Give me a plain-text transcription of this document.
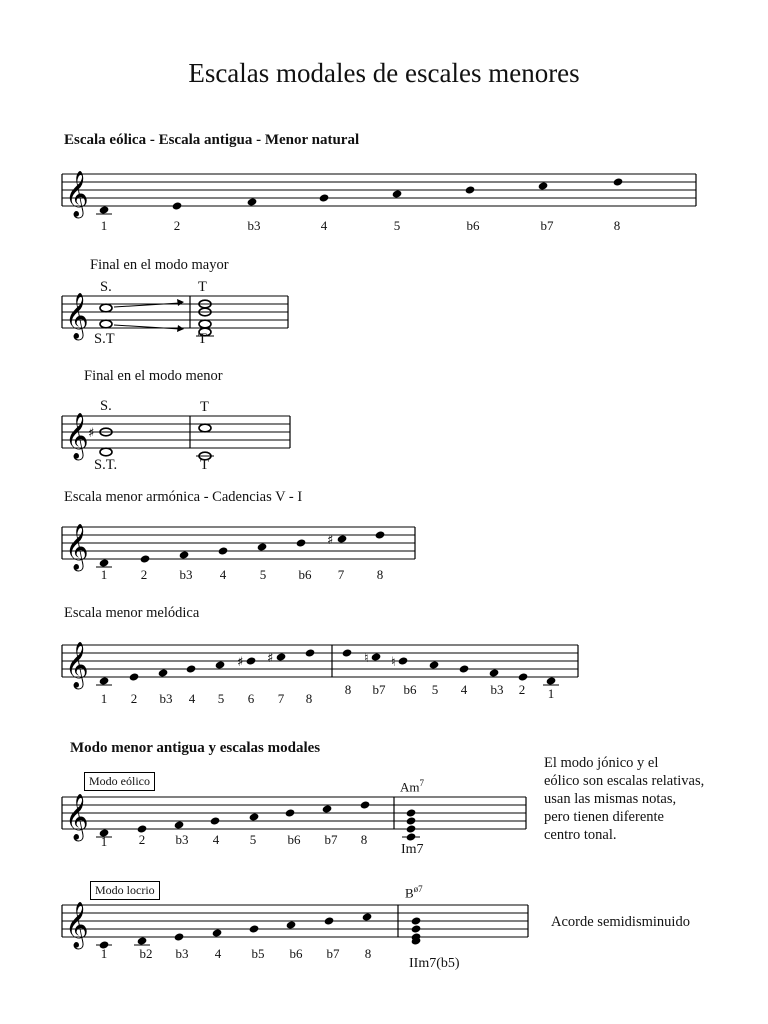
Escalas modales de escales menores
Escala eólica - Escala antigua - Menor natural
𝄞
1	2	b3	4	5	b6	b7	8
Final en el modo mayor
S.	T
𝄞 S.T	T
Final en el modo menor
S.	T
𝄞 ♯
S.T.	T
Escala menor armónica - Cadencias V - I
𝄞	♯
1	2	b3	4	5	b6	7	8
Escala menor melódica
𝄞	♯ ♯	♮ ♮
1	2	b3	4	5	6	7	8
8	b7	b6	5	4	b3	2	1
Modo menor antigua y escalas modales
El modo jónico y el
eólico son escalas relativas,
usan las mismas notas,
pero tienen diferente
centro tonal.
Modo eólico	Am$^7$
𝄞
1	2	b3	4	5	b6	b7	8
Im7
Modo locrio	$B^{ø7}$
𝄞
1	b2	b3	4	b5	b6	b7	8
IIm7(b5)
Acorde semidisminuido
